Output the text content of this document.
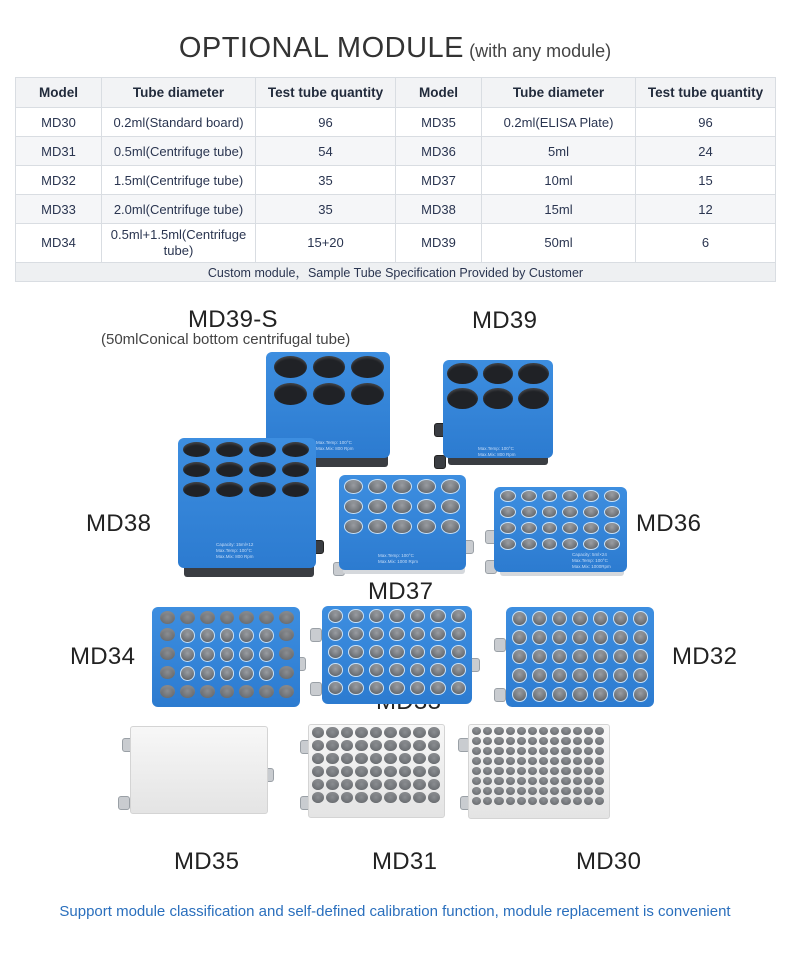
OPTIONAL MODULE (with any module)
Model	Tube diameter	Test tube quantity	Model	Tube diameter	Test tube quantity
MD30	0.2ml(Standard board)	96	MD35	0.2ml(ELISA Plate)	96
MD31	0.5ml(Centrifuge tube)	54	MD36	5ml	24
MD32	1.5ml(Centrifuge tube)	35	MD37	10ml	15
MD33	2.0ml(Centrifuge tube)	35	MD38	15ml	12
MD34	0.5ml+1.5ml(Centrifuge tube)	15+20	MD39	50ml	6
Custom module，Sample Tube Specification Provided by Customer					
MD39-S
(50mlConical bottom centrifugal tube)
Max.Temp: 100°C
Max.Mix: 800 Rpm
MD39
Max.Temp: 100°C
Max.Mix: 800 Rpm
MD38
Capacity: 15ml×12
Max.Temp: 100°C
Max.Mix: 800 Rpm
MD37
Max.Temp: 100°C
Max.Mix: 1000 Rpm
MD36
Capacity: 5ml×24
Max.Temp: 100°C
Max.Mix: 1000Rpm
MD34	MD32
MD35	MD31	MD30
Support module classification and self-defined calibration function, module replacement is convenient
